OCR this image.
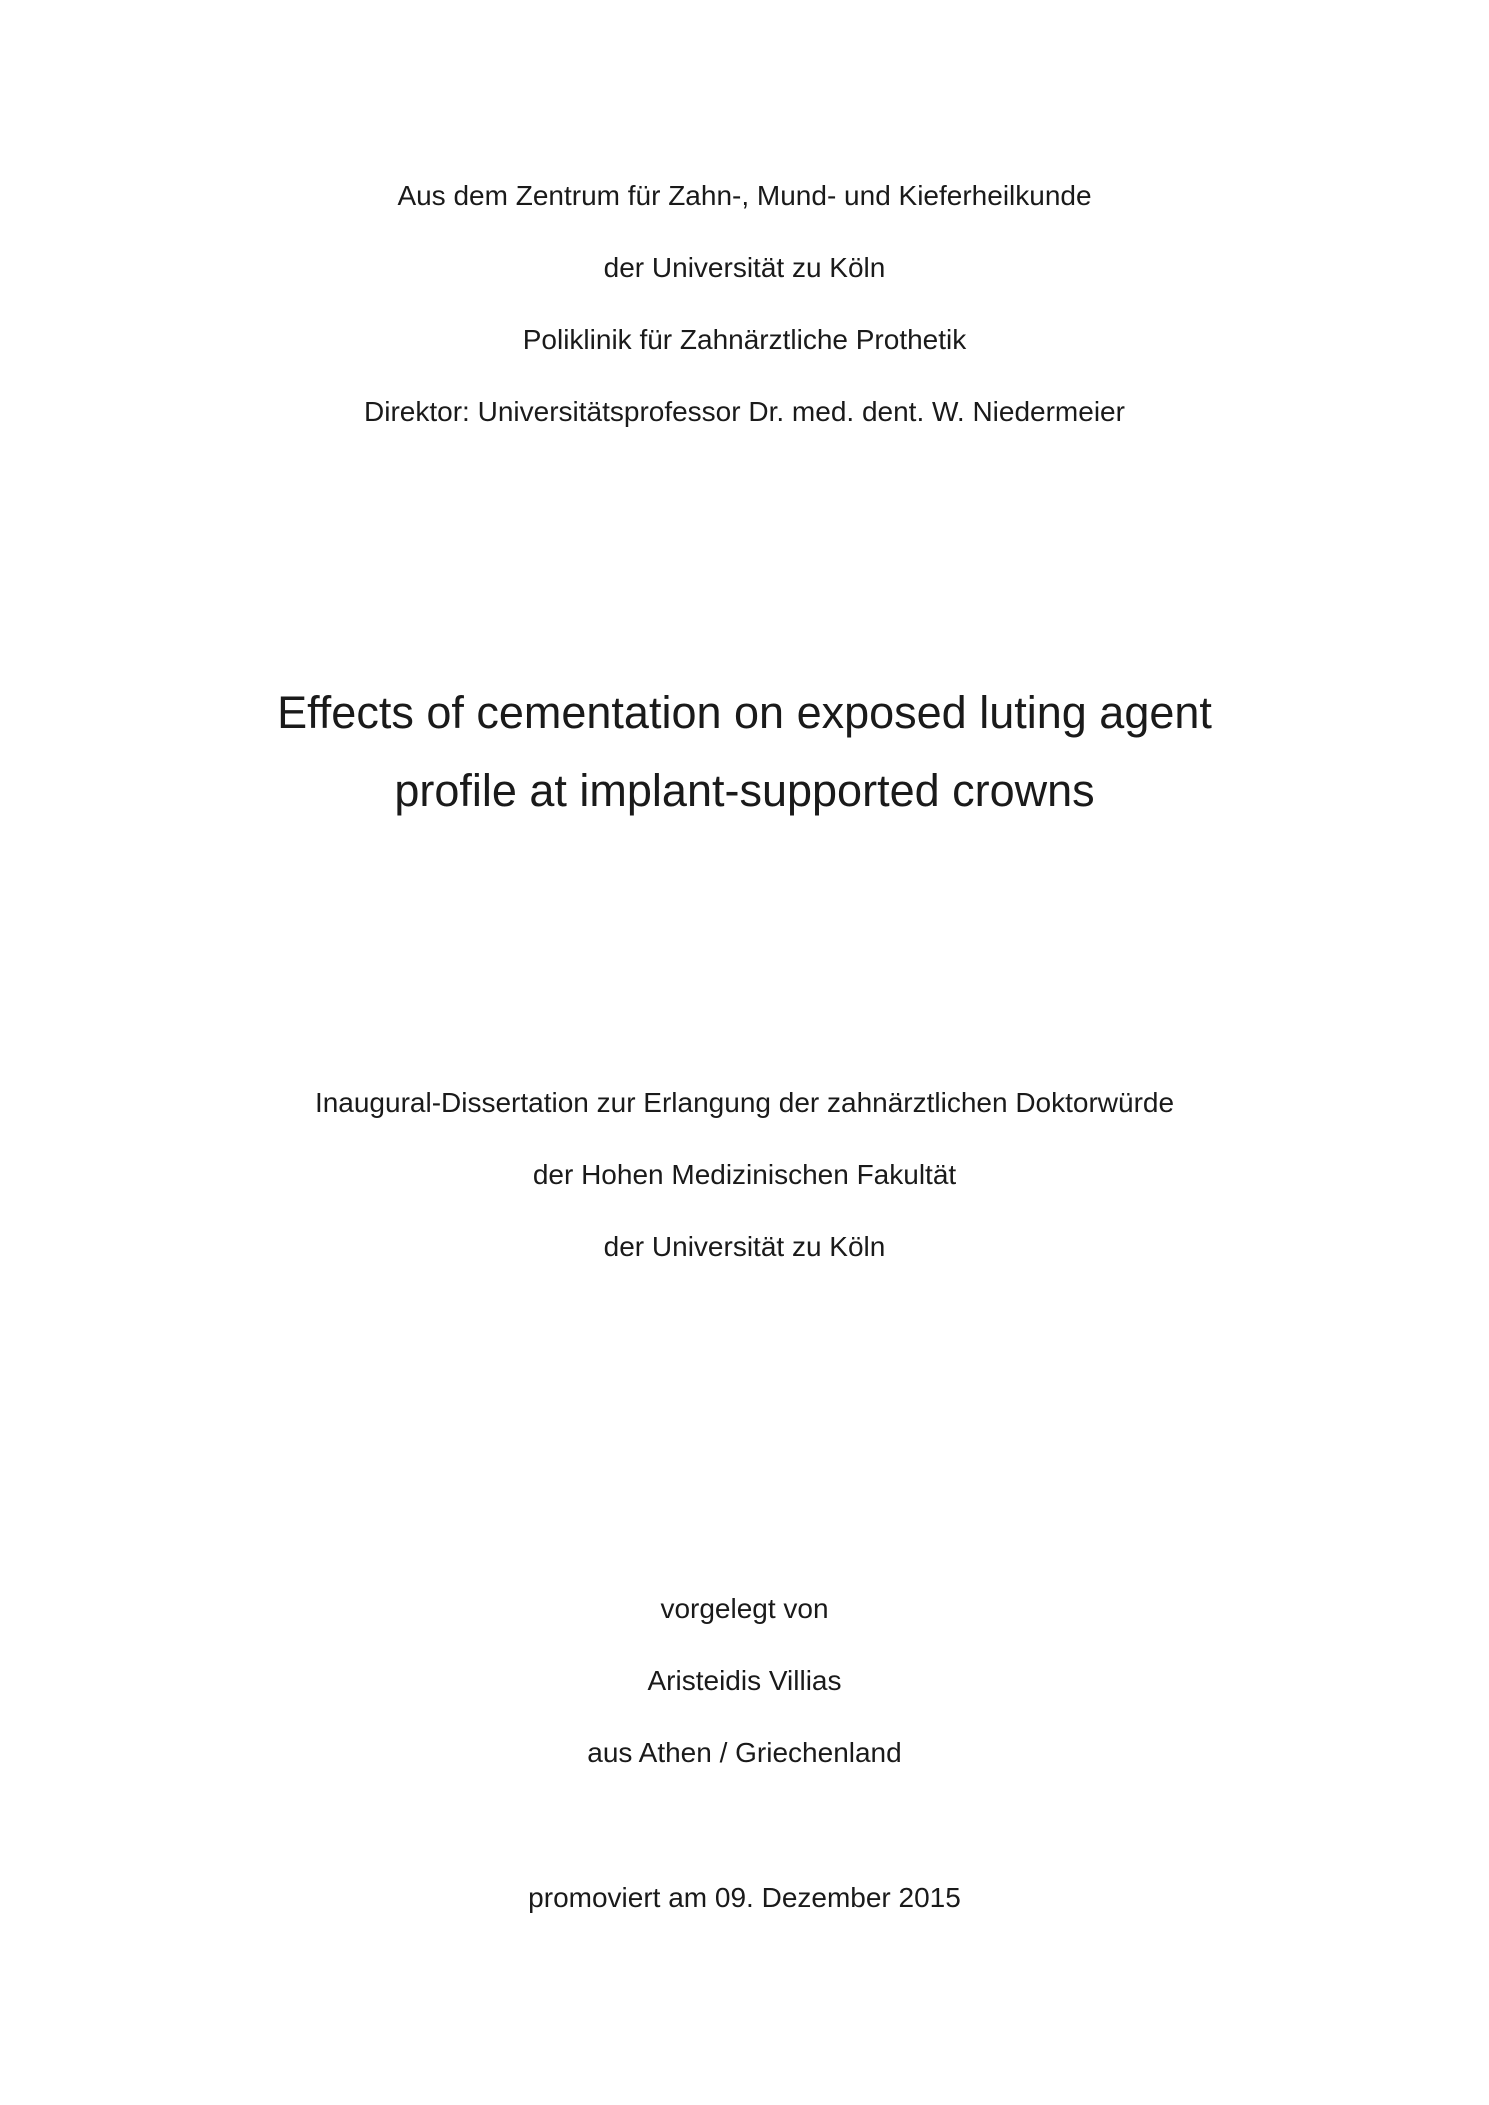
Aus dem Zentrum für Zahn-, Mund- und Kieferheilkunde
der Universität zu Köln
Poliklinik für Zahnärztliche Prothetik
Direktor: Universitätsprofessor Dr. med. dent. W. Niedermeier
Effects of cementation on exposed luting agent
profile at implant-supported crowns
Inaugural-Dissertation zur Erlangung der zahnärztlichen Doktorwürde
der Hohen Medizinischen Fakultät
der Universität zu Köln
vorgelegt von
Aristeidis Villias
aus Athen / Griechenland
promoviert am 09. Dezember 2015
